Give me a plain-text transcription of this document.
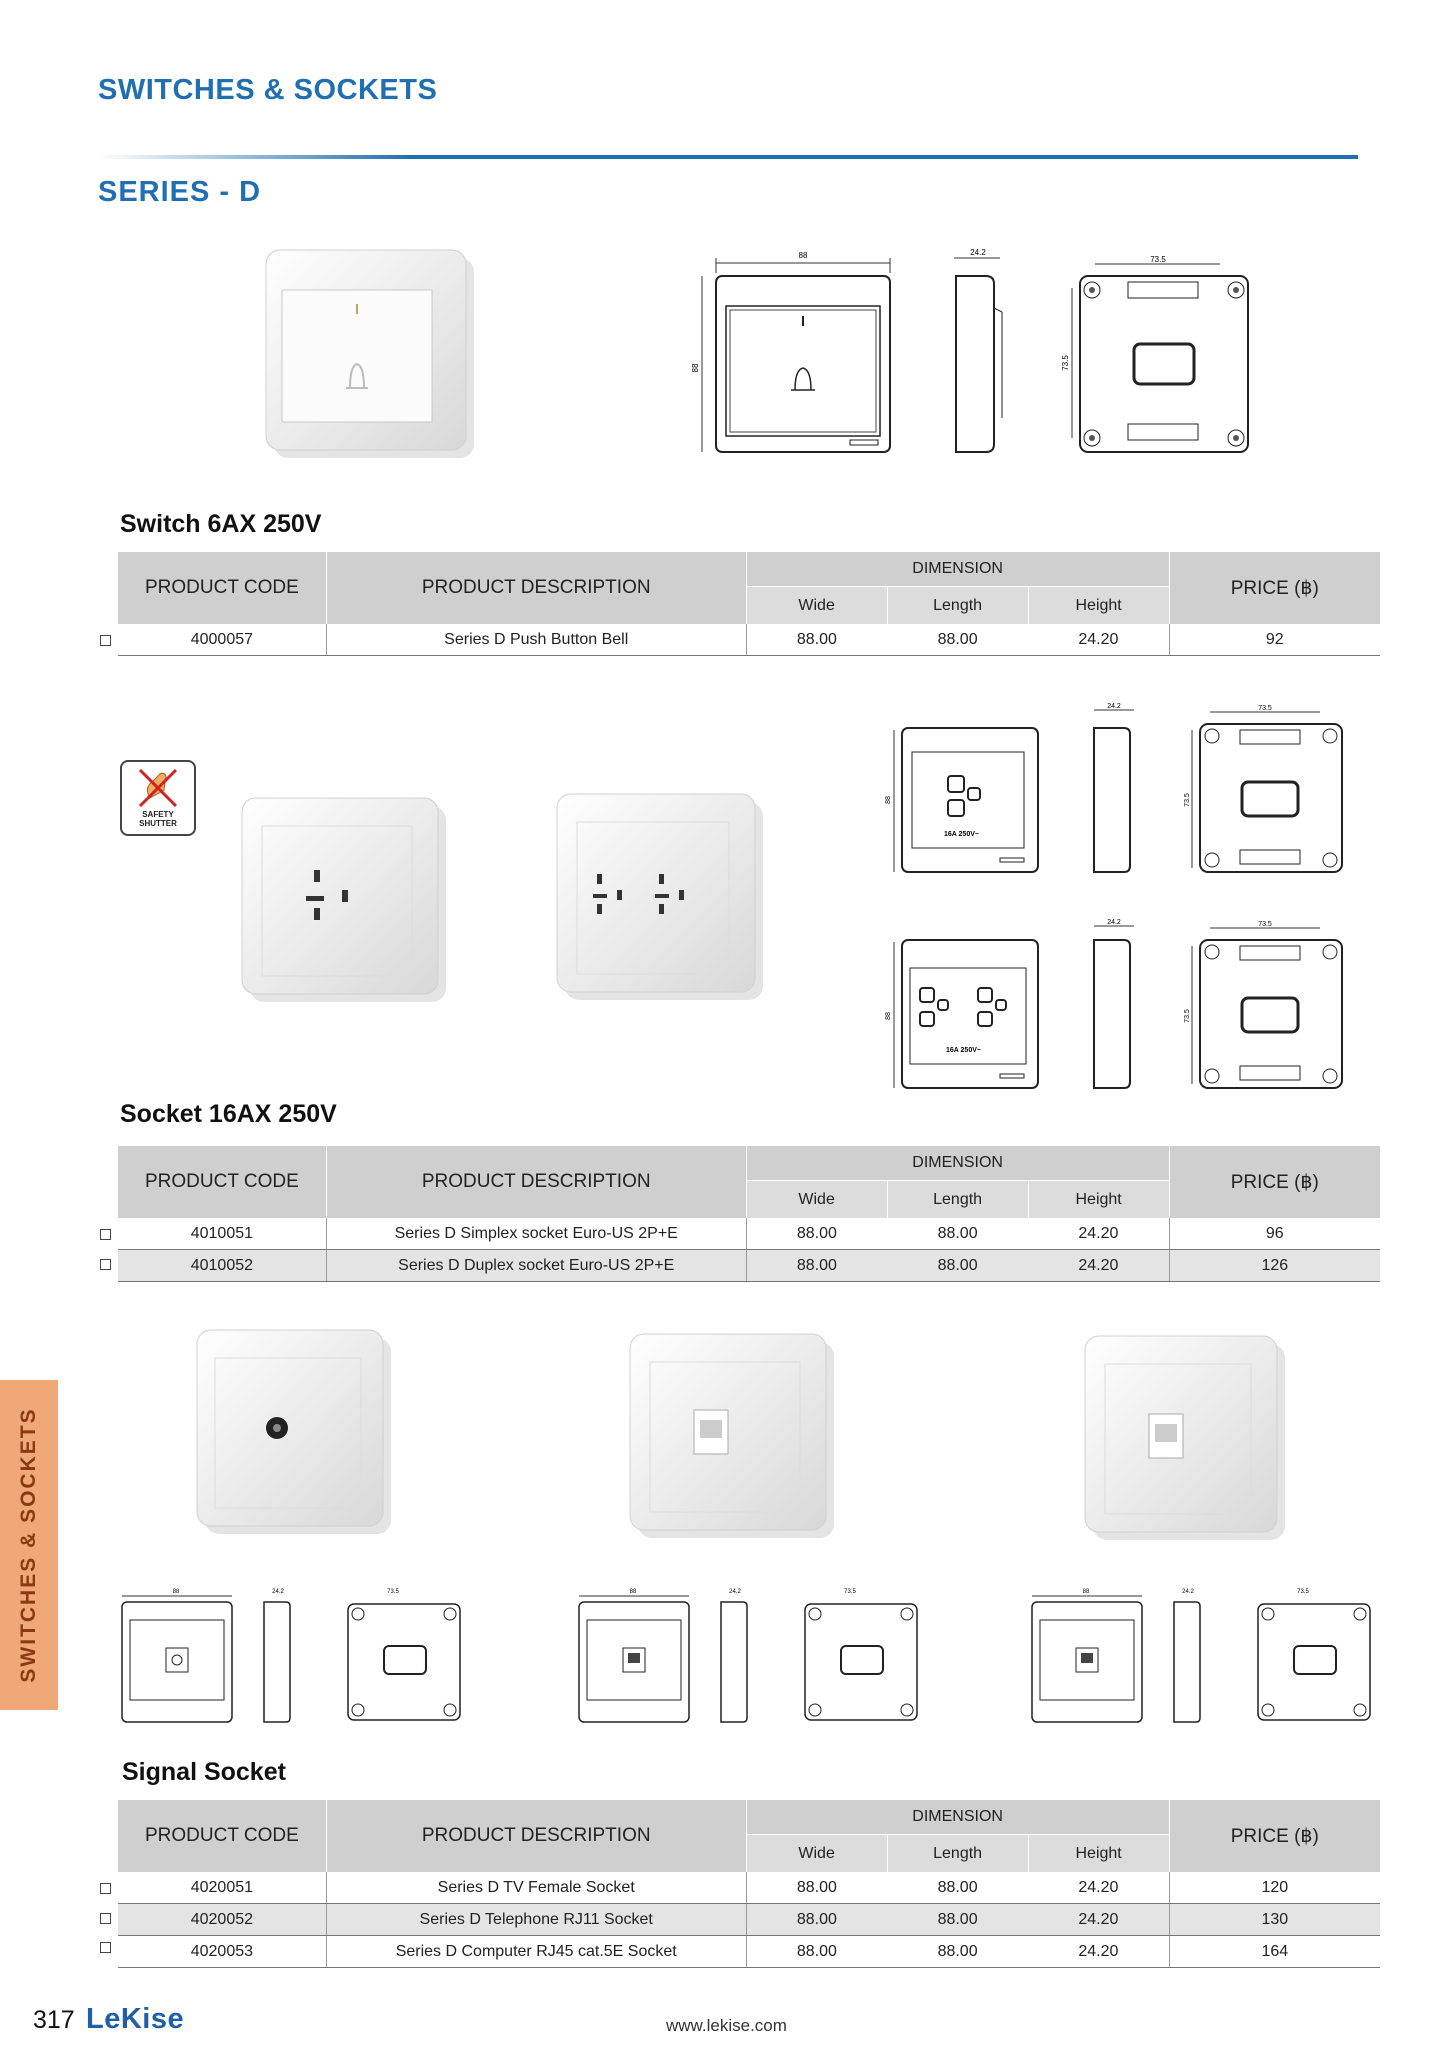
SWITCHES & SOCKETS
SERIES - D
88
88
24.2
73.5
73.5
Switch 6AX 250V
PRODUCT CODE	PRODUCT DESCRIPTION	DIMENSION			PRICE (฿)
		Wide	Length	Height	
4000057	Series D Push Button Bell	88.00	88.00	24.20	92
SAFETY
SHUTTER
88
16A 250V~
24.2	73.5
73.5
88
16A 250V~
24.2	73.5
73.5
Socket 16AX 250V
PRODUCT CODE	PRODUCT DESCRIPTION	DIMENSION			PRICE (฿)
		Wide	Length	Height	
4010051	Series D Simplex socket Euro-US 2P+E	88.00	88.00	24.20	96
4010052	Series D Duplex socket Euro-US 2P+E	88.00	88.00	24.20	126
SWITCHES & SOCKETS	88	24.2	73.5	88	24.2	73.5	88	24.2	73.5
Signal Socket
PRODUCT CODE	PRODUCT DESCRIPTION	DIMENSION			PRICE (฿)
		Wide	Length	Height	
4020051	Series D TV Female Socket	88.00	88.00	24.20	120
4020052	Series D Telephone RJ11 Socket	88.00	88.00	24.20	130
4020053	Series D Computer RJ45 cat.5E Socket	88.00	88.00	24.20	164
317 LeKise	www.lekise.com
